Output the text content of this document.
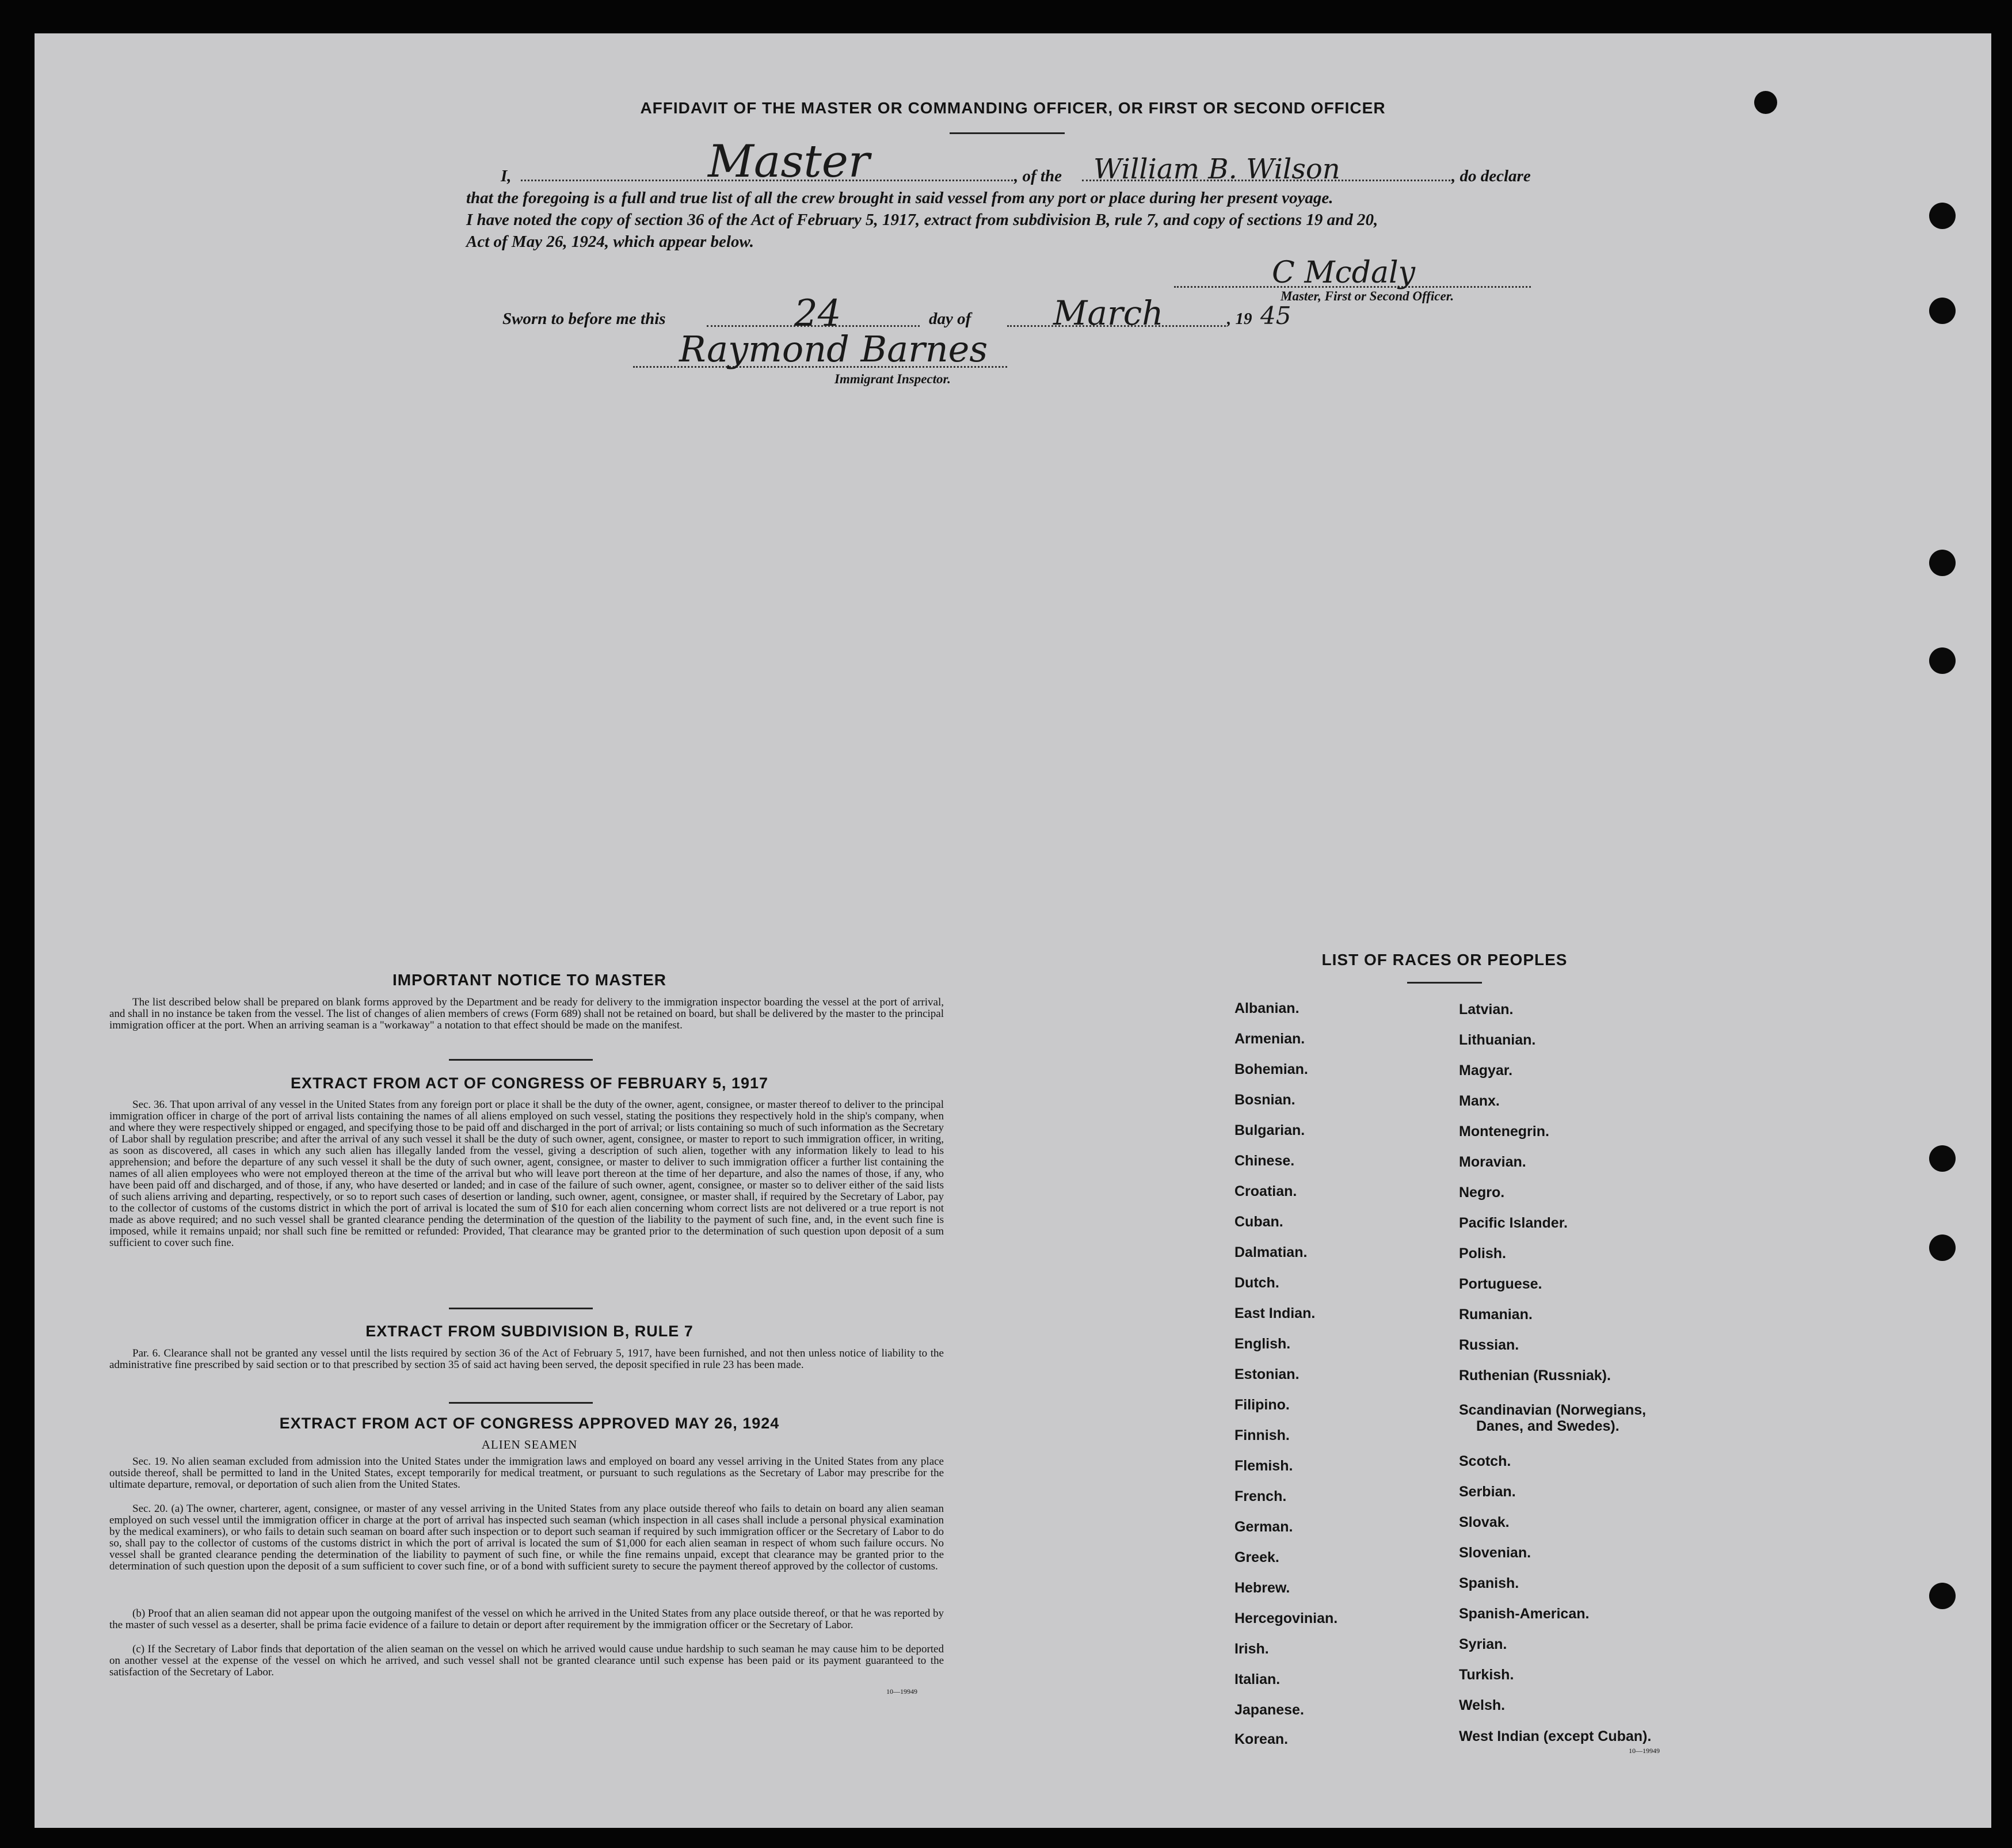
AFFIDAVIT OF THE MASTER OR COMMANDING OFFICER, OR FIRST OR SECOND OFFICER
I,	Master	, of the William B. Wilson	, do declare
that the foregoing is a full and true list of all the crew brought in said vessel from any port or place during her present voyage.
I have noted the copy of section 36 of the Act of February 5, 1917, extract from subdivision B, rule 7, and copy of sections 19 and 20,
Act of May 26, 1924, which appear below.
C Mcdaly
Master, First or Second Officer.
Sworn to before me this	24	day of March	, 19 45
Raymond Barnes
Immigrant Inspector.
IMPORTANT NOTICE TO MASTER

The list described below shall be prepared on blank forms approved by the Department and be ready for delivery to the immigration inspector boarding the vessel at the port of arrival, and shall in no instance be taken from the vessel. The list of changes of alien members of crews (Form 689) shall not be retained on board, but shall be delivered by the master to the principal immigration officer at the port. When an arriving seaman is a "workaway" a notation to that effect should be made on the manifest.

EXTRACT FROM ACT OF CONGRESS OF FEBRUARY 5, 1917

Sec. 36. That upon arrival of any vessel in the United States from any foreign port or place it shall be the duty of the owner, agent, consignee, or master thereof to deliver to the principal immigration officer in charge of the port of arrival lists containing the names of all aliens employed on such vessel, stating the positions they respectively hold in the ship's company, when and where they were respectively shipped or engaged, and specifying those to be paid off and discharged in the port of arrival; or lists containing so much of such information as the Secretary of Labor shall by regulation prescribe; and after the arrival of any such vessel it shall be the duty of such owner, agent, consignee, or master to report to such immigration officer, in writing, as soon as discovered, all cases in which any such alien has illegally landed from the vessel, giving a description of such alien, together with any information likely to lead to his apprehension; and before the departure of any such vessel it shall be the duty of such owner, agent, consignee, or master to deliver to such immigration officer a further list containing the names of all alien employees who were not employed thereon at the time of the arrival but who will leave port thereon at the time of her departure, and also the names of those, if any, who have been paid off and discharged, and of those, if any, who have deserted or landed; and in case of the failure of such owner, agent, consignee, or master so to deliver either of the said lists of such aliens arriving and departing, respectively, or so to report such cases of desertion or landing, such owner, agent, consignee, or master shall, if required by the Secretary of Labor, pay to the collector of customs of the customs district in which the port of arrival is located the sum of $10 for each alien concerning whom correct lists are not delivered or a true report is not made as above required; and no such vessel shall be granted clearance pending the determination of the question of the liability to the payment of such fine, and, in the event such fine is imposed, while it remains unpaid; nor shall such fine be remitted or refunded: Provided, That clearance may be granted prior to the determination of such question upon deposit of a sum sufficient to cover such fine.

EXTRACT FROM SUBDIVISION B, RULE 7

Par. 6. Clearance shall not be granted any vessel until the lists required by section 36 of the Act of February 5, 1917, have been furnished, and not then unless notice of liability to the administrative fine prescribed by said section or to that prescribed by section 35 of said act having been served, the deposit specified in rule 23 has been made.

EXTRACT FROM ACT OF CONGRESS APPROVED MAY 26, 1924
ALIEN SEAMEN

Sec. 19. No alien seaman excluded from admission into the United States under the immigration laws and employed on board any vessel arriving in the United States from any place outside thereof, shall be permitted to land in the United States, except temporarily for medical treatment, or pursuant to such regulations as the Secretary of Labor may prescribe for the ultimate departure, removal, or deportation of such alien from the United States.

Sec. 20. (a) The owner, charterer, agent, consignee, or master of any vessel arriving in the United States from any place outside thereof who fails to detain on board any alien seaman employed on such vessel until the immigration officer in charge at the port of arrival has inspected such seaman (which inspection in all cases shall include a personal physical examination by the medical examiners), or who fails to detain such seaman on board after such inspection or to deport such seaman if required by such immigration officer or the Secretary of Labor to do so, shall pay to the collector of customs of the customs district in which the port of arrival is located the sum of $1,000 for each alien seaman in respect of whom such failure occurs. No vessel shall be granted clearance pending the determination of the liability to payment of such fine, or while the fine remains unpaid, except that clearance may be granted prior to the determination of such question upon the deposit of a sum sufficient to cover such fine, or of a bond with sufficient surety to secure the payment thereof approved by the collector of customs.

(b) Proof that an alien seaman did not appear upon the outgoing manifest of the vessel on which he arrived in the United States from any place outside thereof, or that he was reported by the master of such vessel as a deserter, shall be prima facie evidence of a failure to detain or deport after requirement by the immigration officer or the Secretary of Labor.

(c) If the Secretary of Labor finds that deportation of the alien seaman on the vessel on which he arrived would cause undue hardship to such seaman he may cause him to be deported on another vessel at the expense of the vessel on which he arrived, and such vessel shall not be granted clearance until such expense has been paid or its payment guaranteed to the satisfaction of the Secretary of Labor.

10—19949
LIST OF RACES OR PEOPLES
Albanian.
Armenian.
Bohemian.
Bosnian.
Bulgarian.
Chinese.
Croatian.
Cuban.
Dalmatian.
Dutch.
East Indian.
English.
Estonian.
Filipino.
Finnish.
Flemish.
French.
German.
Greek.
Hebrew.
Hercegovinian.
Irish.
Italian.
Japanese.
Korean.
Latvian.
Lithuanian.
Magyar.
Manx.
Montenegrin.
Moravian.
Negro.
Pacific Islander.
Polish.
Portuguese.
Rumanian.
Russian.
Ruthenian (Russniak).
Scandinavian (Norwegians,
Danes, and Swedes).
Scotch.
Serbian.
Slovak.
Slovenian.
Spanish.
Spanish-American.
Syrian.
Turkish.
Welsh.
West Indian (except Cuban).
10—19949
